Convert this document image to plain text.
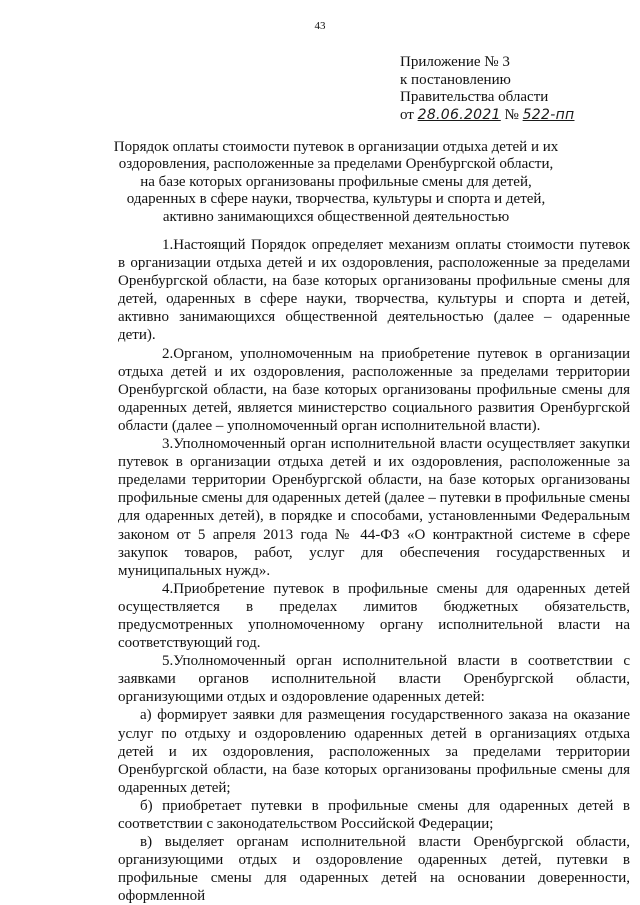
43
Приложение № 3
к постановлению
Правительства области
от 28.06.2021 № 522-пп
Порядок оплаты стоимости путевок в организации отдыха детей и их оздоровления, расположенные за пределами Оренбургской области, на базе которых организованы профильные смены для детей, одаренных в сфере науки, творчества, культуры и спорта и детей, активно занимающихся общественной деятельностью

1.Настоящий Порядок определяет механизм оплаты стоимости путевок в организации отдыха детей и их оздоровления, расположенные за пределами Оренбургской области, на базе которых организованы профильные смены для детей, одаренных в сфере науки, творчества, культуры и спорта и детей, активно занимающихся общественной деятельностью (далее – одаренные дети).

2.Органом, уполномоченным на приобретение путевок в организации отдыха детей и их оздоровления, расположенные за пределами территории Оренбургской области, на базе которых организованы профильные смены для одаренных детей, является министерство социального развития Оренбургской области (далее – уполномоченный орган исполнительной власти).

3.Уполномоченный орган исполнительной власти осуществляет закупки путевок в организации отдыха детей и их оздоровления, расположенные за пределами территории Оренбургской области, на базе которых организованы профильные смены для одаренных детей (далее – путевки в профильные смены для одаренных детей), в порядке и способами, установленными Федеральным законом от 5 апреля 2013 года № 44-ФЗ «О контрактной системе в сфере закупок товаров, работ, услуг для обеспечения государственных и муниципальных нужд».

4.Приобретение путевок в профильные смены для одаренных детей осуществляется в пределах лимитов бюджетных обязательств, предусмотренных уполномоченному органу исполнительной власти на соответствующий год.

5.Уполномоченный орган исполнительной власти в соответствии с заявками органов исполнительной власти Оренбургской области, организующими отдых и оздоровление одаренных детей:

а) формирует заявки для размещения государственного заказа на оказание услуг по отдыху и оздоровлению одаренных детей в организациях отдыха детей и их оздоровления, расположенных за пределами территории Оренбургской области, на базе которых организованы профильные смены для одаренных детей;

б) приобретает путевки в профильные смены для одаренных детей в соответствии с законодательством Российской Федерации;

в) выделяет органам исполнительной власти Оренбургской области, организующими отдых и оздоровление одаренных детей, путевки в профильные смены для одаренных детей на основании доверенности, оформленной
